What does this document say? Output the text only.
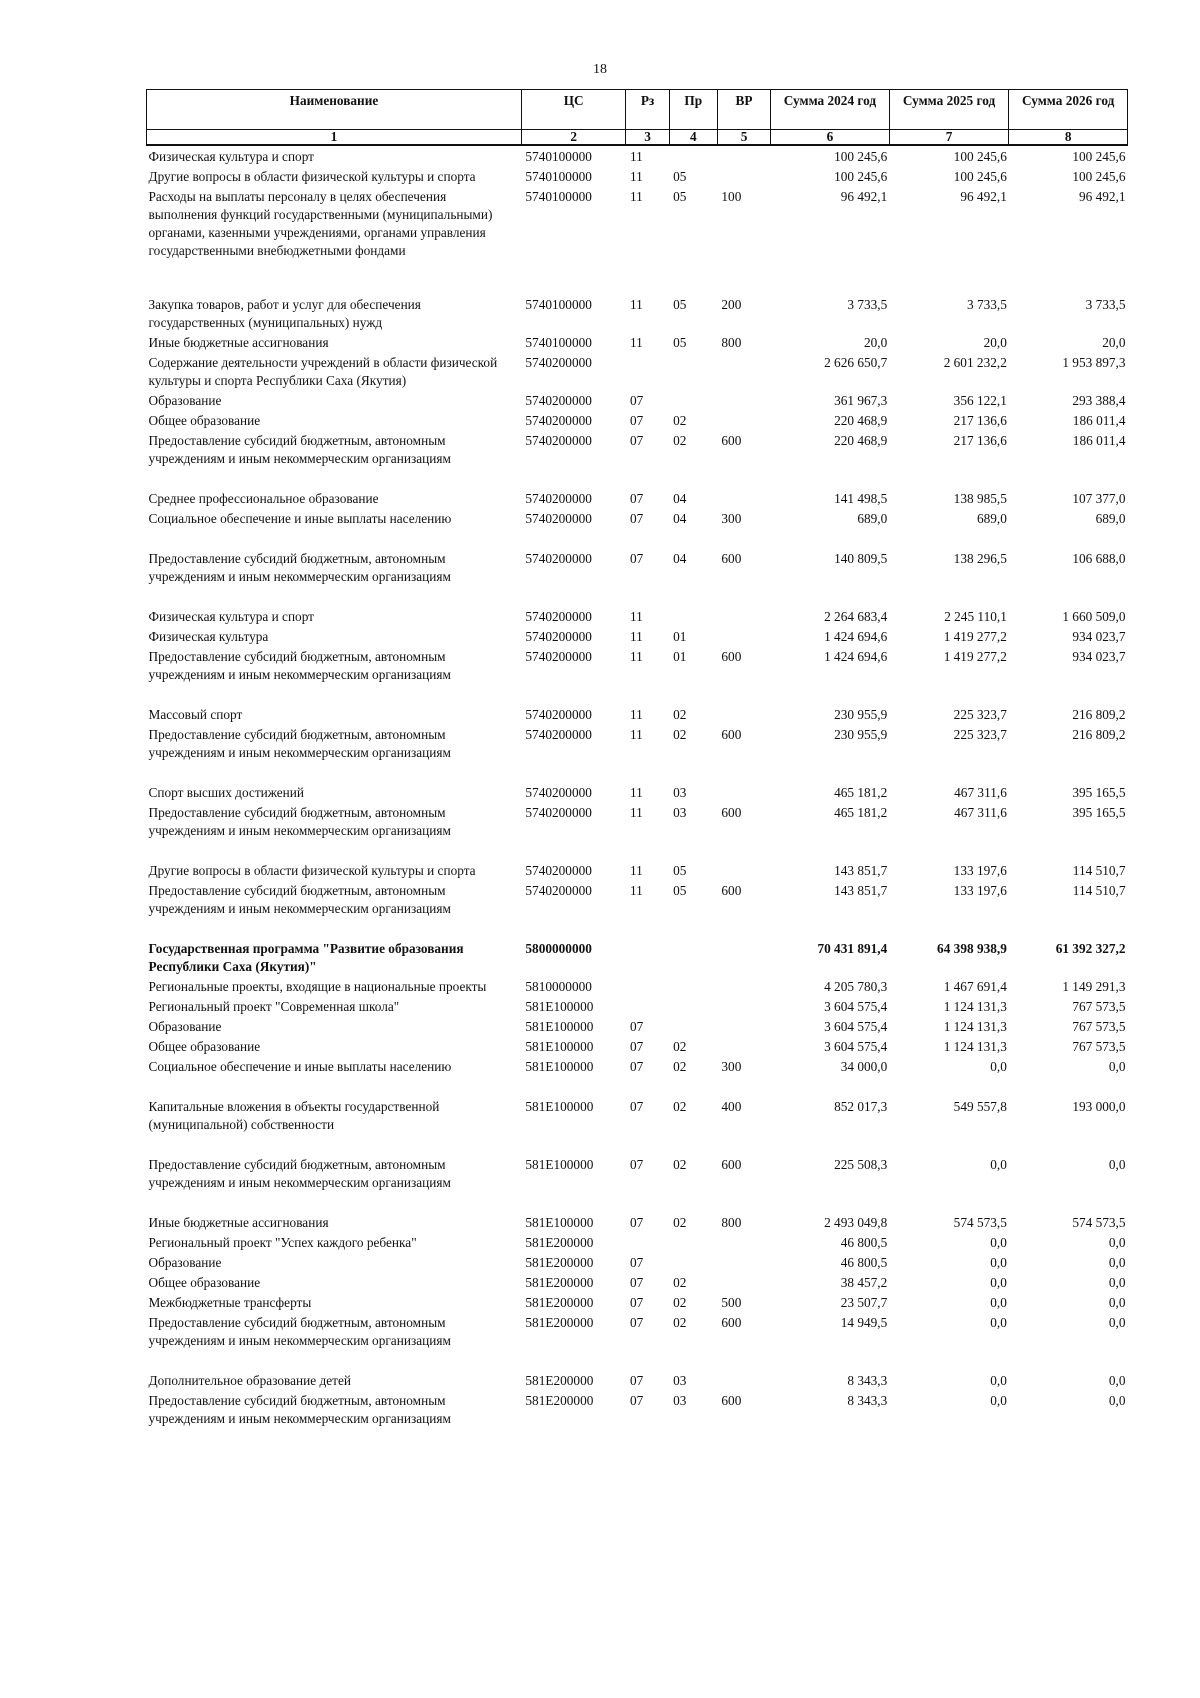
18
Наименование	ЦС	Рз	Пр	ВР	Сумма 2024 год	Сумма 2025 год	Сумма 2026 год
1	2	3	4	5	6	7	8
Физическая культура и спорт	5740100000	11			100 245,6	100 245,6	100 245,6
Другие вопросы в области физической культуры и спорта	5740100000	11	05		100 245,6	100 245,6	100 245,6
Расходы на выплаты персоналу в целях обеспечения выполнения функций государственными (муниципальными) органами, казенными учреждениями, органами управления государственными внебюджетными фондами	5740100000	11	05	100	96 492,1	96 492,1	96 492,1
Закупка товаров, работ и услуг для обеспечения государственных (муниципальных) нужд	5740100000	11	05	200	3 733,5	3 733,5	3 733,5
Иные бюджетные ассигнования	5740100000	11	05	800	20,0	20,0	20,0
Содержание деятельности учреждений в области физической культуры и спорта Республики Саха (Якутия)	5740200000				2 626 650,7	2 601 232,2	1 953 897,3
Образование	5740200000	07			361 967,3	356 122,1	293 388,4
Общее образование	5740200000	07	02		220 468,9	217 136,6	186 011,4
Предоставление субсидий бюджетным, автономным учреждениям и иным некоммерческим организациям	5740200000	07	02	600	220 468,9	217 136,6	186 011,4
Среднее профессиональное образование	5740200000	07	04		141 498,5	138 985,5	107 377,0
Социальное обеспечение и иные выплаты населению	5740200000	07	04	300	689,0	689,0	689,0
Предоставление субсидий бюджетным, автономным учреждениям и иным некоммерческим организациям	5740200000	07	04	600	140 809,5	138 296,5	106 688,0
Физическая культура и спорт	5740200000	11			2 264 683,4	2 245 110,1	1 660 509,0
Физическая культура	5740200000	11	01		1 424 694,6	1 419 277,2	934 023,7
Предоставление субсидий бюджетным, автономным учреждениям и иным некоммерческим организациям	5740200000	11	01	600	1 424 694,6	1 419 277,2	934 023,7
Массовый спорт	5740200000	11	02		230 955,9	225 323,7	216 809,2
Предоставление субсидий бюджетным, автономным учреждениям и иным некоммерческим организациям	5740200000	11	02	600	230 955,9	225 323,7	216 809,2
Спорт высших достижений	5740200000	11	03		465 181,2	467 311,6	395 165,5
Предоставление субсидий бюджетным, автономным учреждениям и иным некоммерческим организациям	5740200000	11	03	600	465 181,2	467 311,6	395 165,5
Другие вопросы в области физической культуры и спорта	5740200000	11	05		143 851,7	133 197,6	114 510,7
Предоставление субсидий бюджетным, автономным учреждениям и иным некоммерческим организациям	5740200000	11	05	600	143 851,7	133 197,6	114 510,7
Государственная программа "Развитие образования Республики Саха (Якутия)"	5800000000				70 431 891,4	64 398 938,9	61 392 327,2
Региональные проекты, входящие в национальные проекты	5810000000				4 205 780,3	1 467 691,4	1 149 291,3
Региональный проект "Современная школа"	581E100000				3 604 575,4	1 124 131,3	767 573,5
Образование	581E100000	07			3 604 575,4	1 124 131,3	767 573,5
Общее образование	581E100000	07	02		3 604 575,4	1 124 131,3	767 573,5
Социальное обеспечение и иные выплаты населению	581E100000	07	02	300	34 000,0	0,0	0,0
Капитальные вложения в объекты государственной (муниципальной) собственности	581E100000	07	02	400	852 017,3	549 557,8	193 000,0
Предоставление субсидий бюджетным, автономным учреждениям и иным некоммерческим организациям	581E100000	07	02	600	225 508,3	0,0	0,0
Иные бюджетные ассигнования	581E100000	07	02	800	2 493 049,8	574 573,5	574 573,5
Региональный проект "Успех каждого ребенка"	581E200000				46 800,5	0,0	0,0
Образование	581E200000	07			46 800,5	0,0	0,0
Общее образование	581E200000	07	02		38 457,2	0,0	0,0
Межбюджетные трансферты	581E200000	07	02	500	23 507,7	0,0	0,0
Предоставление субсидий бюджетным, автономным учреждениям и иным некоммерческим организациям	581E200000	07	02	600	14 949,5	0,0	0,0
Дополнительное образование детей	581E200000	07	03		8 343,3	0,0	0,0
Предоставление субсидий бюджетным, автономным учреждениям и иным некоммерческим организациям	581E200000	07	03	600	8 343,3	0,0	0,0
